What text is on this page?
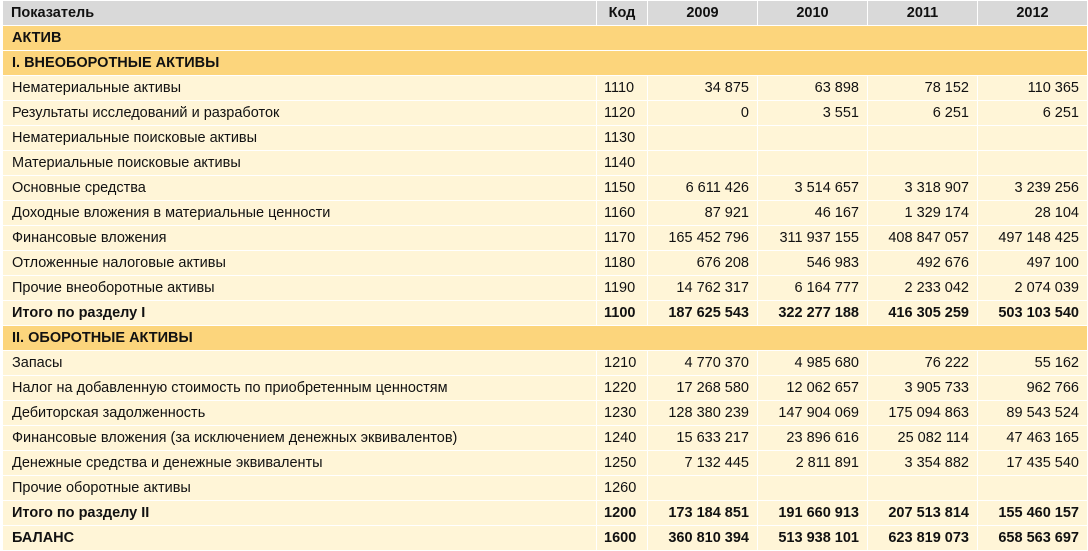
Показатель	Код	2009	2010	2011	2012
АКТИВ					
I. ВНЕОБОРОТНЫЕ АКТИВЫ					
Нематериальные активы	1110	34 875	63 898	78 152	110 365
Результаты исследований и разработок	1120	0	3 551	6 251	6 251
Нематериальные поисковые активы	1130				
Материальные поисковые активы	1140				
Основные средства	1150	6 611 426	3 514 657	3 318 907	3 239 256
Доходные вложения в материальные ценности	1160	87 921	46 167	1 329 174	28 104
Финансовые вложения	1170	165 452 796	311 937 155	408 847 057	497 148 425
Отложенные налоговые активы	1180	676 208	546 983	492 676	497 100
Прочие внеоборотные активы	1190	14 762 317	6 164 777	2 233 042	2 074 039
Итого по разделу I	1100	187 625 543	322 277 188	416 305 259	503 103 540
II. ОБОРОТНЫЕ АКТИВЫ					
Запасы	1210	4 770 370	4 985 680	76 222	55 162
Налог на добавленную стоимость по приобретенным ценностям	1220	17 268 580	12 062 657	3 905 733	962 766
Дебиторская задолженность	1230	128 380 239	147 904 069	175 094 863	89 543 524
Финансовые вложения (за исключением денежных эквивалентов)	1240	15 633 217	23 896 616	25 082 114	47 463 165
Денежные средства и денежные эквиваленты	1250	7 132 445	2 811 891	3 354 882	17 435 540
Прочие оборотные активы	1260				
Итого по разделу II	1200	173 184 851	191 660 913	207 513 814	155 460 157
БАЛАНС	1600	360 810 394	513 938 101	623 819 073	658 563 697
